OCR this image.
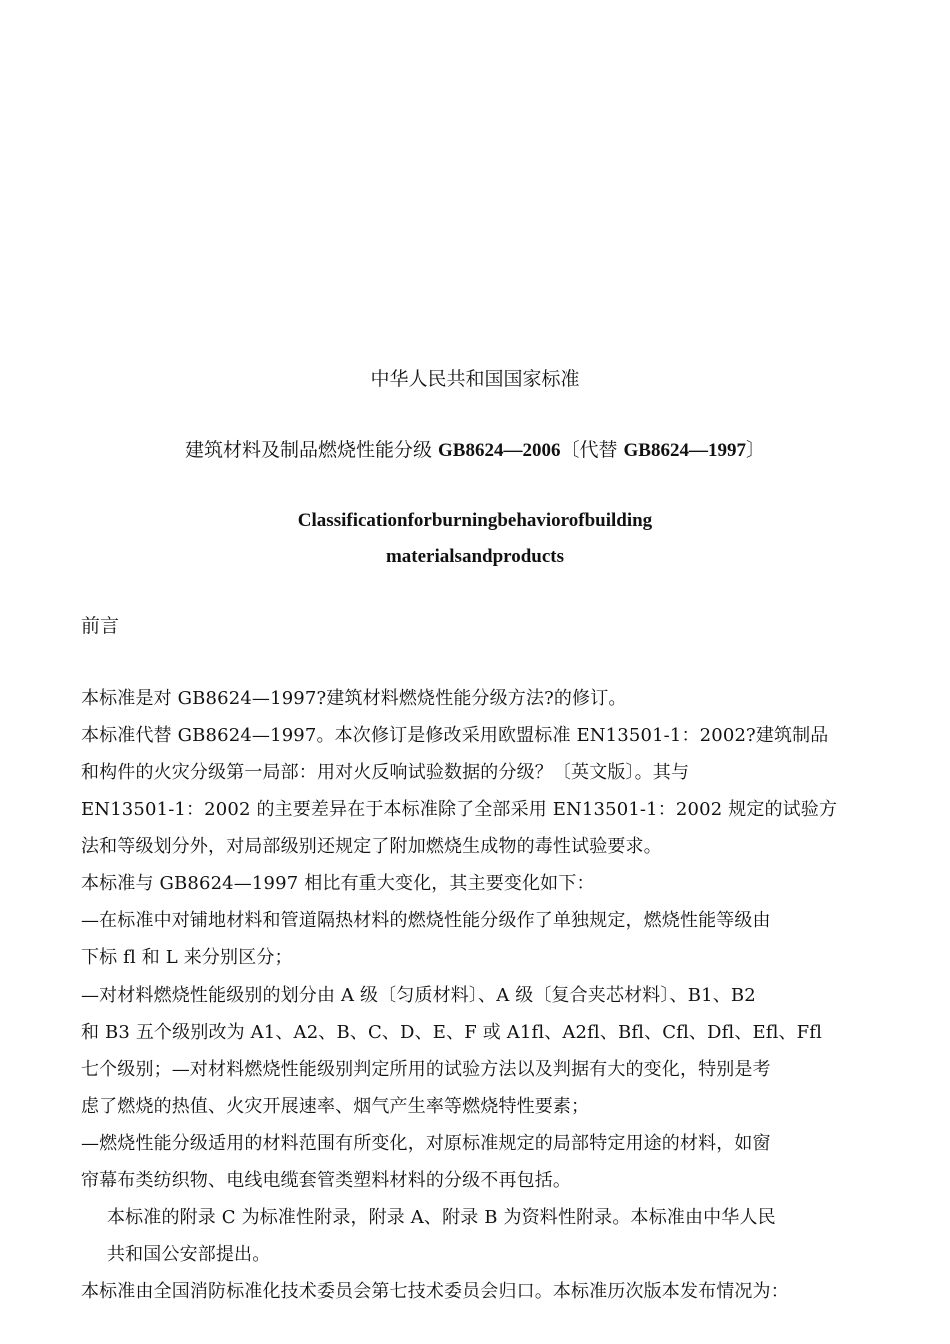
中华人民共和国国家标准
建筑材料及制品燃烧性能分级 GB8624—2006〔代替 GB8624—1997〕
Classificationforburningbehaviorofbuilding
materialsandproducts
前言
本标准是对 GB8624—1997?建筑材料燃烧性能分级方法?的修订。
本标准代替 GB8624—1997。本次修订是修改采用欧盟标准 EN13501-1：2002?建筑制品
和构件的火灾分级第一局部：用对火反响试验数据的分级？〔英文版〕。其与
EN13501-1：2002 的主要差异在于本标准除了全部采用 EN13501-1：2002 规定的试验方
法和等级划分外，对局部级别还规定了附加燃烧生成物的毒性试验要求。
本标准与 GB8624—1997 相比有重大变化，其主要变化如下：
—在标准中对铺地材料和管道隔热材料的燃烧性能分级作了单独规定，燃烧性能等级由
下标 fl 和 L 来分别区分；
—对材料燃烧性能级别的划分由 A 级〔匀质材料〕、A 级〔复合夹芯材料〕、B1、B2
和 B3 五个级别改为 A1、A2、B、C、D、E、F 或 A1fl、A2fl、Bfl、Cfl、Dfl、Efl、Ffl
七个级别；—对材料燃烧性能级别判定所用的试验方法以及判据有大的变化，特别是考
虑了燃烧的热值、火灾开展速率、烟气产生率等燃烧特性要素；
—燃烧性能分级适用的材料范围有所变化，对原标准规定的局部特定用途的材料，如窗
帘幕布类纺织物、电线电缆套管类塑料材料的分级不再包括。
本标准的附录 C 为标准性附录，附录 A、附录 B 为资料性附录。本标准由中华人民
共和国公安部提出。
本标准由全国消防标准化技术委员会第七技术委员会归口。本标准历次版本发布情况为：
